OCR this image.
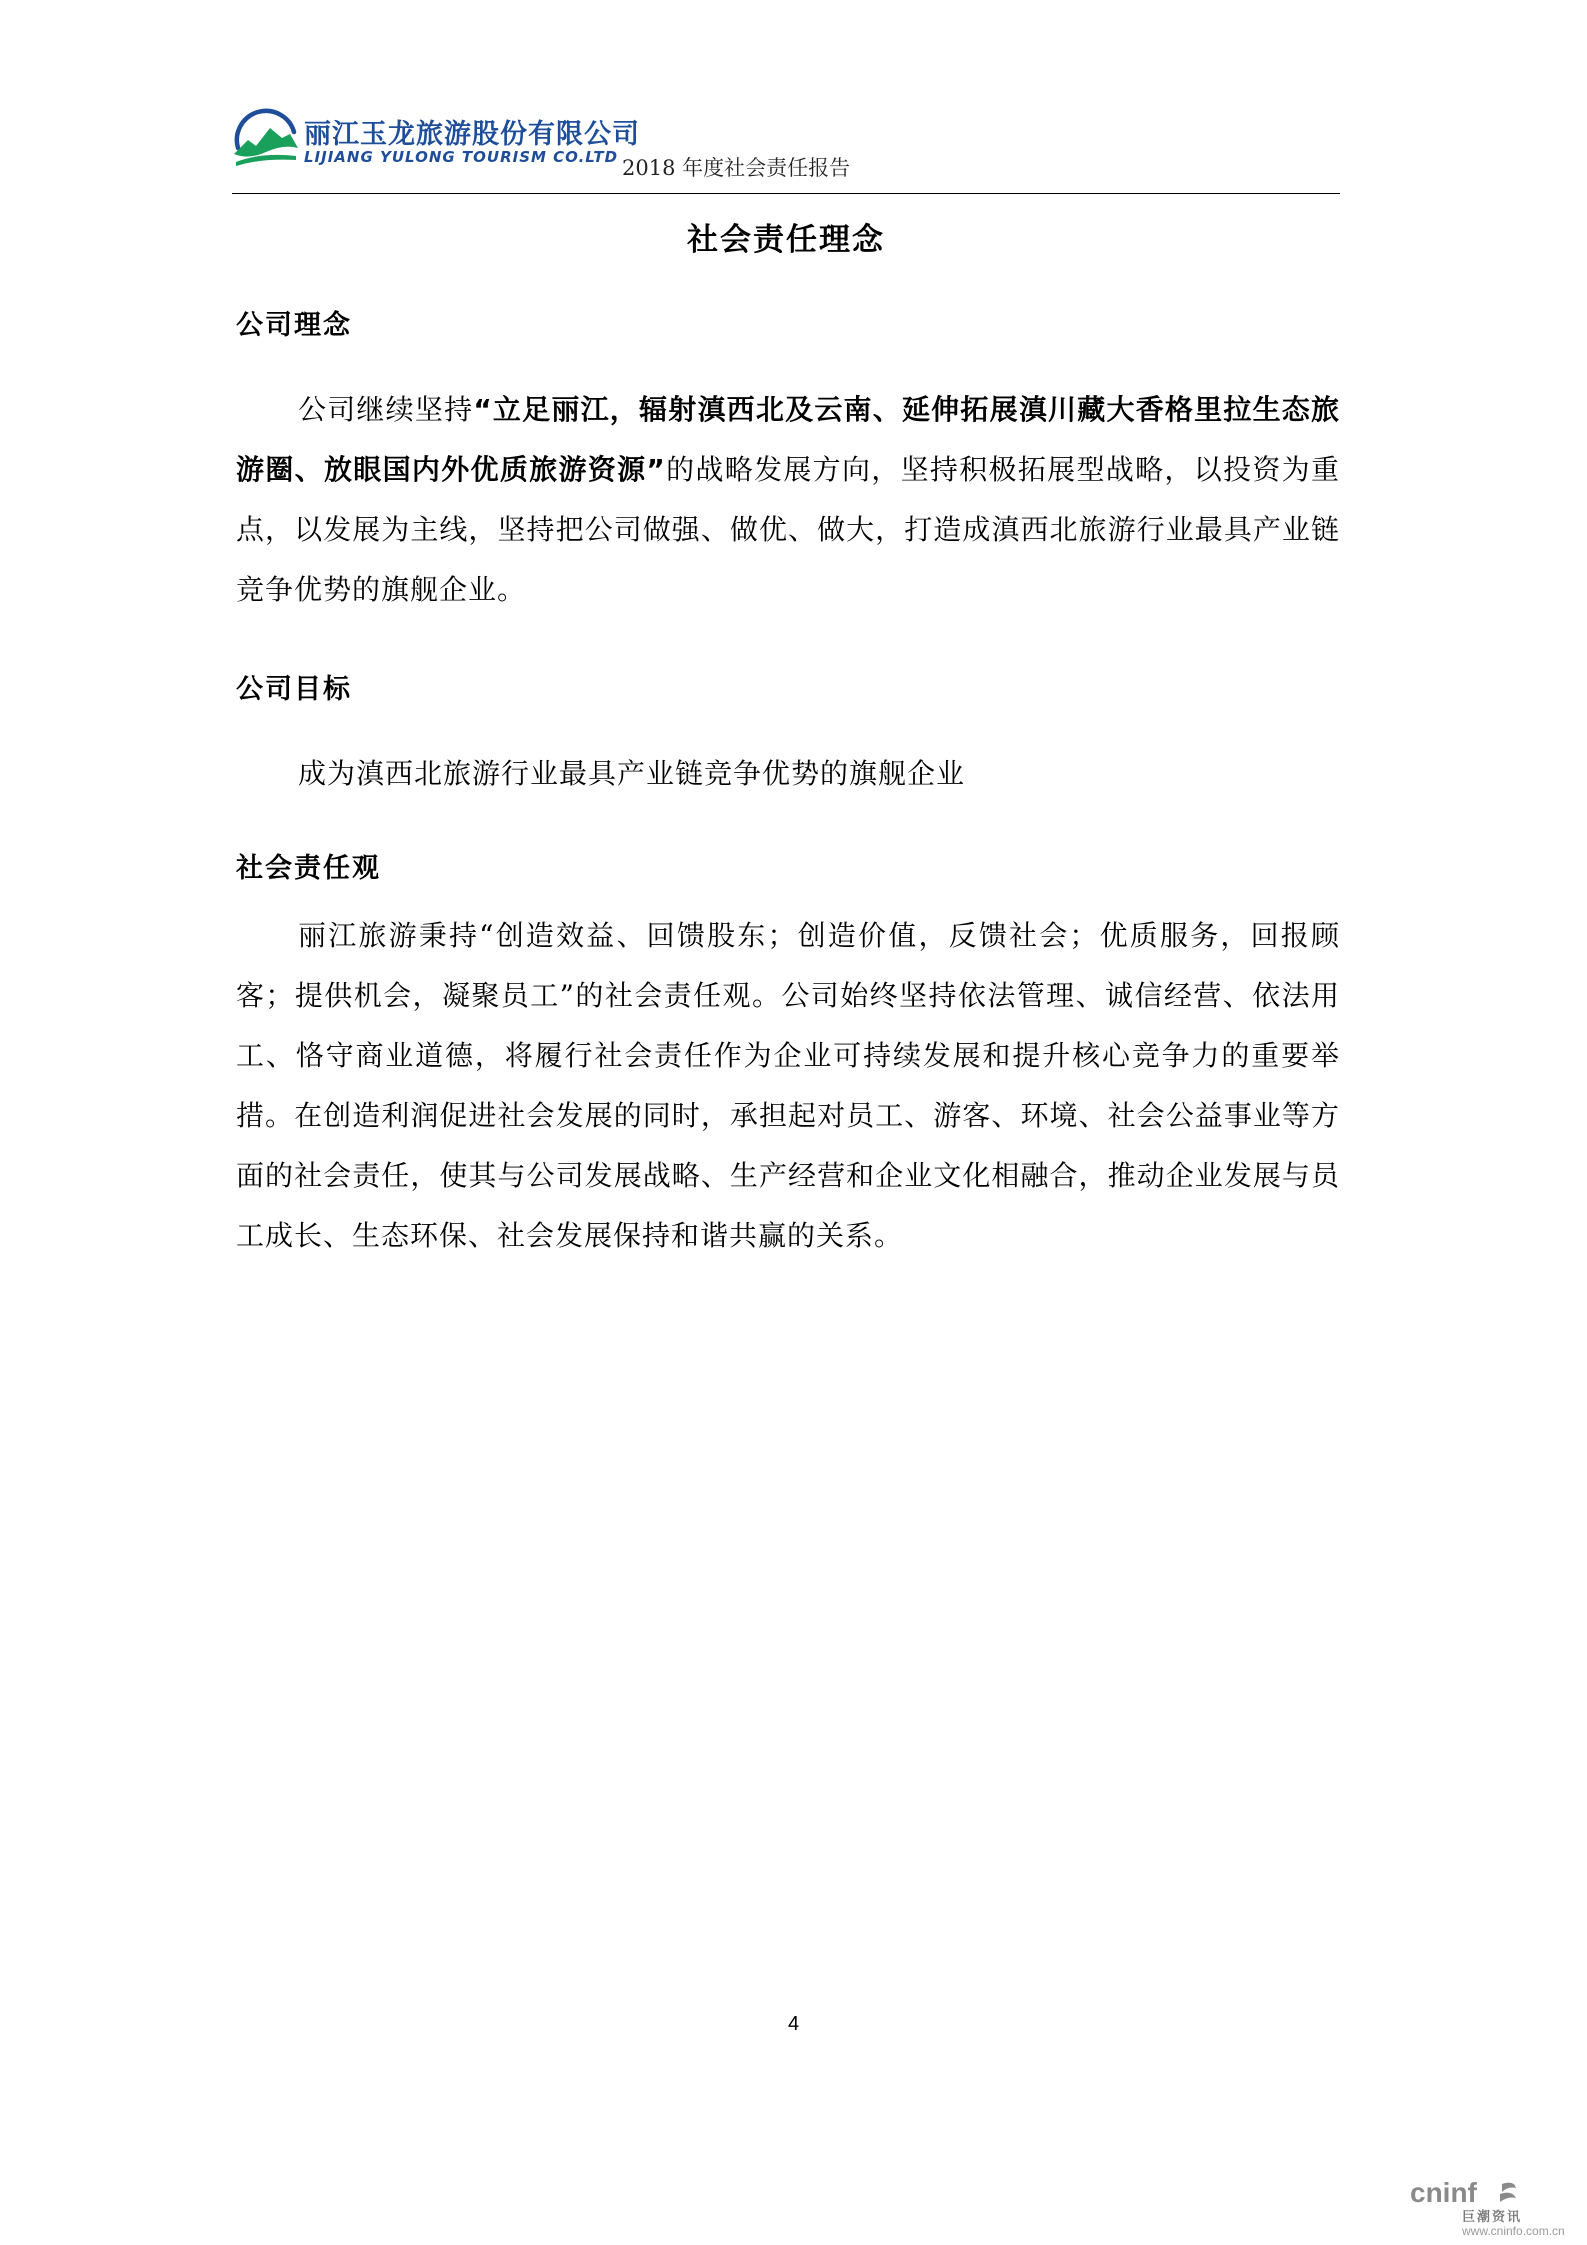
丽江玉龙旅游股份有限公司
LIJIANG YULONG TOURISM CO.LTD 2018 年度社会责任报告
社会责任理念
公司理念

公司继续坚持“立足丽江，辐射滇西北及云南、延伸拓展滇川藏大香格里拉生态旅游圈、放眼国内外优质旅游资源”的战略发展方向，坚持积极拓展型战略，以投资为重点，以发展为主线，坚持把公司做强、做优、做大，打造成滇西北旅游行业最具产业链竞争优势的旗舰企业。

公司目标

成为滇西北旅游行业最具产业链竞争优势的旗舰企业

社会责任观

丽江旅游秉持“创造效益、回馈股东；创造价值，反馈社会；优质服务，回报顾客；提供机会，凝聚员工”的社会责任观。公司始终坚持依法管理、诚信经营、依法用工、恪守商业道德，将履行社会责任作为企业可持续发展和提升核心竞争力的重要举措。在创造利润促进社会发展的同时，承担起对员工、游客、环境、社会公益事业等方面的社会责任，使其与公司发展战略、生产经营和企业文化相融合，推动企业发展与员工成长、生态环保、社会发展保持和谐共赢的关系。

4
cninf
巨潮资讯
www.cninfo.com.cn
